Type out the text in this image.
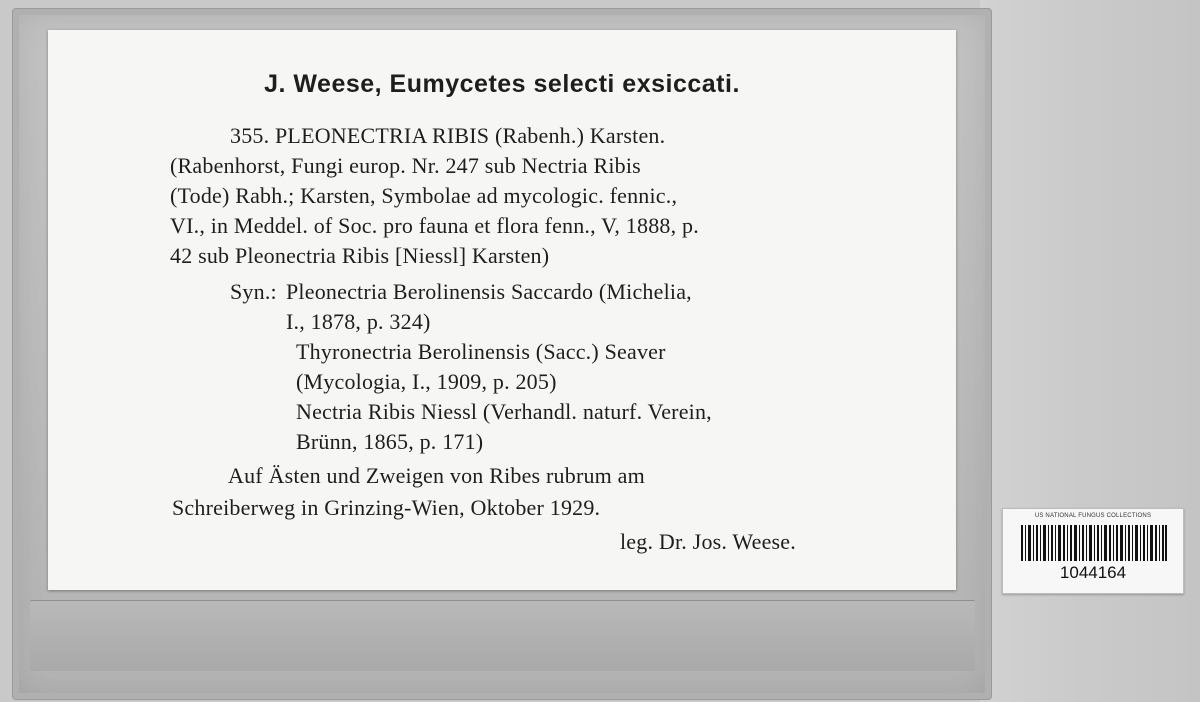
J. Weese, Eumycetes selecti exsiccati.
355. PLEONECTRIA RIBIS (Rabenh.) Karsten.
(Rabenhorst, Fungi europ. Nr. 247 sub Nectria Ribis
(Tode) Rabh.; Karsten, Symbolae ad mycologic. fennic.,
VI., in Meddel. of Soc. pro fauna et flora fenn., V, 1888, p.
42 sub Pleonectria Ribis [Niessl] Karsten)
Syn.: Pleonectria Berolinensis Saccardo (Michelia,
I., 1878, p. 324)
Thyronectria Berolinensis (Sacc.) Seaver
(Mycologia, I., 1909, p. 205)
Nectria Ribis Niessl (Verhandl. naturf. Verein,
Brünn, 1865, p. 171)
Auf Ästen und Zweigen von Ribes rubrum am
Schreiberweg in Grinzing-Wien, Oktober 1929.
leg. Dr. Jos. Weese.
US NATIONAL FUNGUS COLLECTIONS
1044164
